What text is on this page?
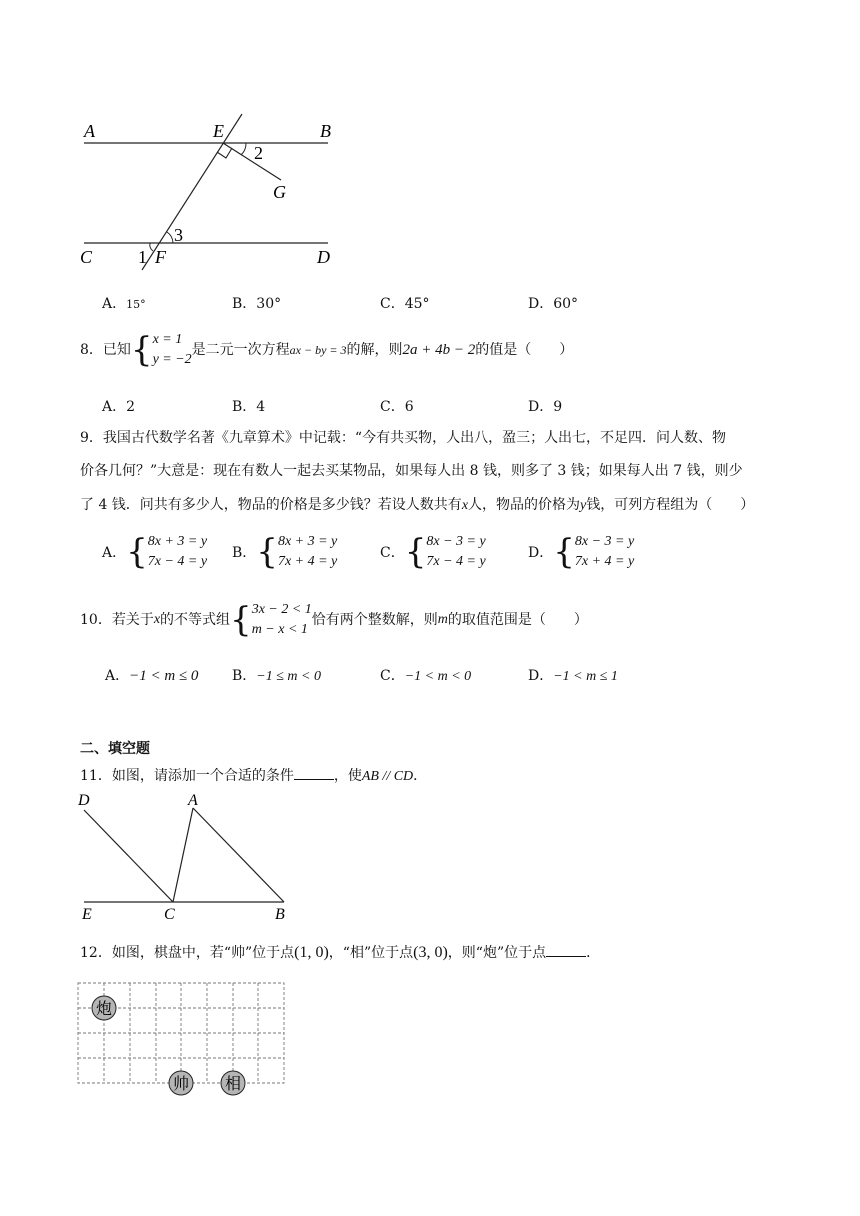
A	E	B
2
G
3
C	1 F	D
A．15°	B．30°	C．45°	D．60°
8．已知{x = 1
y = −2是二元一次方程ax − by = 3的解，则2a + 4b − 2的值是（　　）
A．2	B．4	C．6	D．9
9．我国古代数学名著《九章算术》中记载：“今有共买物，人出八，盈三；人出七，不足四．问人数、物
价各几何？”大意是：现在有数人一起去买某物品，如果每人出 8 钱，则多了 3 钱；如果每人出 7 钱，则少
了 4 钱．问共有多少人，物品的价格是多少钱？若设人数共有x人，物品的价格为y钱，可列方程组为（　　）
A．{8x + 3 = y
7x − 4 = y
B．{8x + 3 = y
7x + 4 = y
C．{8x − 3 = y
7x − 4 = y
D．{8x − 3 = y
7x + 4 = y
10．若关于x的不等式组{3x − 2 < 1
m − x < 1恰有两个整数解，则m的取值范围是（　　）
A．−1 < m ≤ 0 B．−1 ≤ m < 0	C．−1 < m < 0	D．−1 < m ≤ 1
二、填空题
11．如图，请添加一个合适的条件	，使AB // CD．
D	A
E	C	B
12．如图，棋盘中，若“帅”位于点(1, 0)，“相”位于点(3, 0)，则“炮”位于点	．
炮
帅 相
